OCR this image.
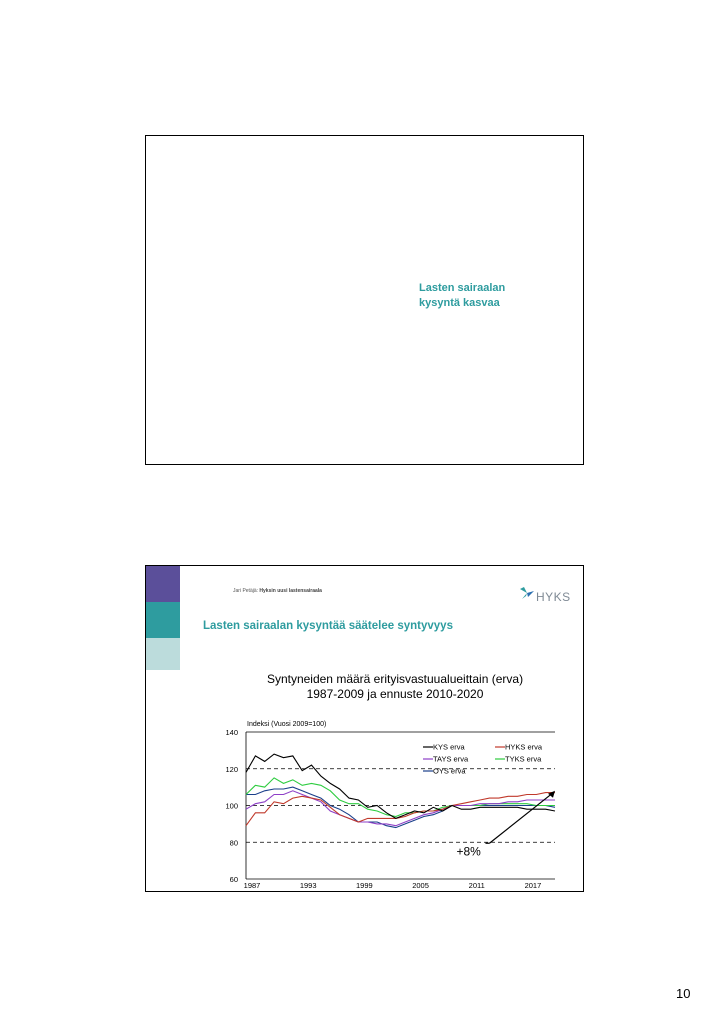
Lasten sairaalan
kysyntä kasvaa
Jari Petäjä: Hyksin uusi lastensairaala	HYKS
Lasten sairaalan kysyntää säätelee syntyvyys
Syntyneiden määrä erityisvastuualueittain (erva)
1987-2009 ja ennuste 2010-2020
Indeksi (Vuosi 2009=100)
60
80
100
120
140
1987	1993	1999	2005	2011	2017
+8%
KYS erva	HYKS erva
TAYS erva	TYKS erva
OYS erva
10
